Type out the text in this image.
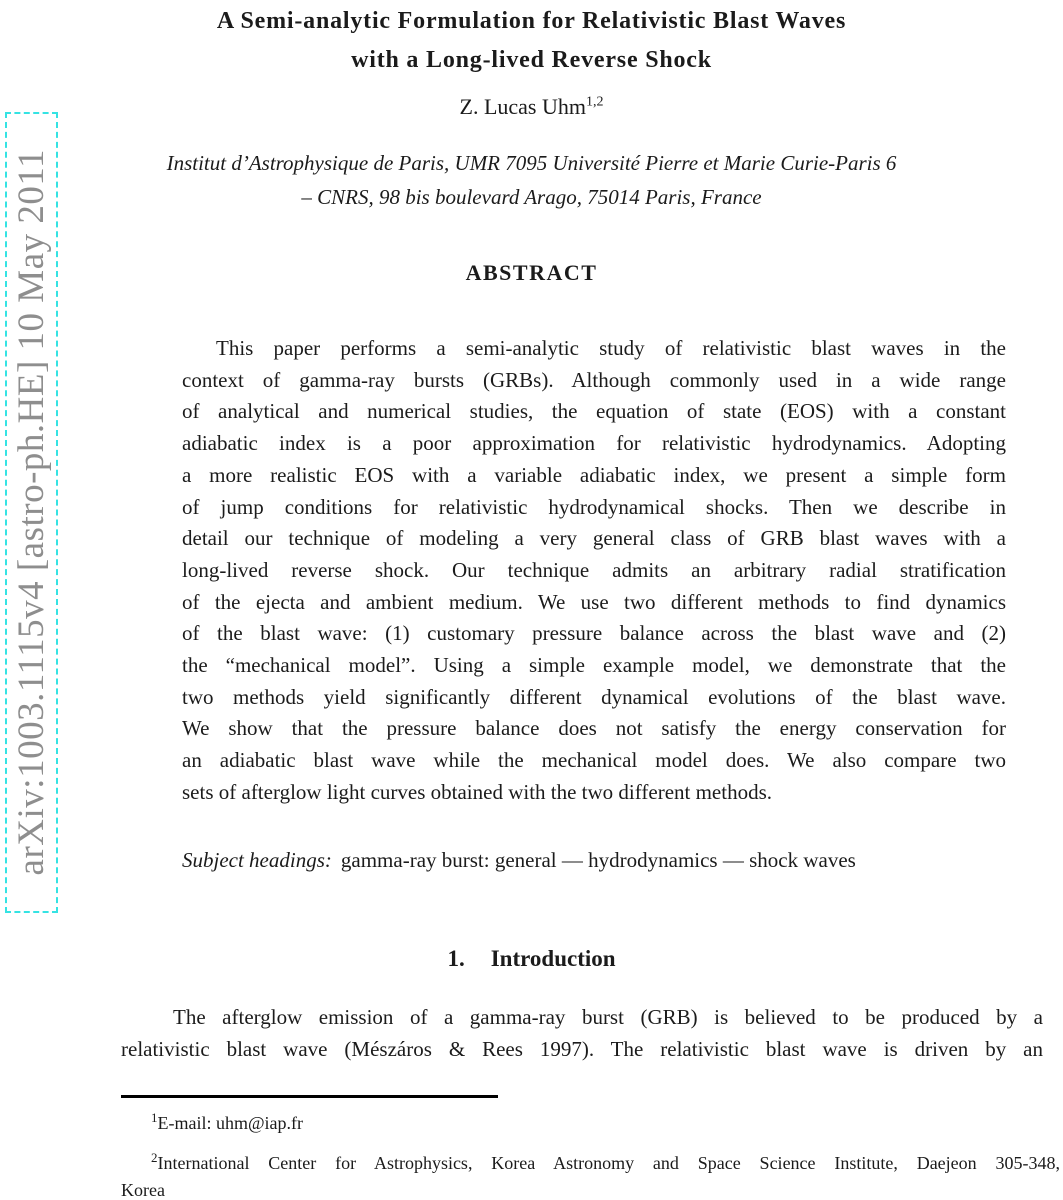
arXiv:1003.1115v4 [astro-ph.HE] 10 May 2011
A Semi-analytic Formulation for Relativistic Blast Waves
with a Long-lived Reverse Shock
Z. Lucas Uhm$^{1,2}$
Institut d’Astrophysique de Paris, UMR 7095 Université Pierre et Marie Curie-Paris 6
– CNRS, 98 bis boulevard Arago, 75014 Paris, France
ABSTRACT
This paper performs a semi-analytic study of relativistic blast waves in the
context of gamma-ray bursts (GRBs). Although commonly used in a wide range
of analytical and numerical studies, the equation of state (EOS) with a constant
adiabatic index is a poor approximation for relativistic hydrodynamics. Adopting
a more realistic EOS with a variable adiabatic index, we present a simple form
of jump conditions for relativistic hydrodynamical shocks. Then we describe in
detail our technique of modeling a very general class of GRB blast waves with a
long-lived reverse shock. Our technique admits an arbitrary radial stratification
of the ejecta and ambient medium. We use two different methods to find dynamics
of the blast wave: (1) customary pressure balance across the blast wave and (2)
the “mechanical model”. Using a simple example model, we demonstrate that the
two methods yield significantly different dynamical evolutions of the blast wave.
We show that the pressure balance does not satisfy the energy conservation for
an adiabatic blast wave while the mechanical model does. We also compare two
sets of afterglow light curves obtained with the two different methods.
Subject headings: gamma-ray burst: general — hydrodynamics — shock waves
1. Introduction
The afterglow emission of a gamma-ray burst (GRB) is believed to be produced by a
relativistic blast wave (Mészáros & Rees 1997). The relativistic blast wave is driven by an
$^1$E-mail: uhm@iap.fr
$^2$International Center for Astrophysics, Korea Astronomy and Space Science Institute, Daejeon 305-348,
Korea
